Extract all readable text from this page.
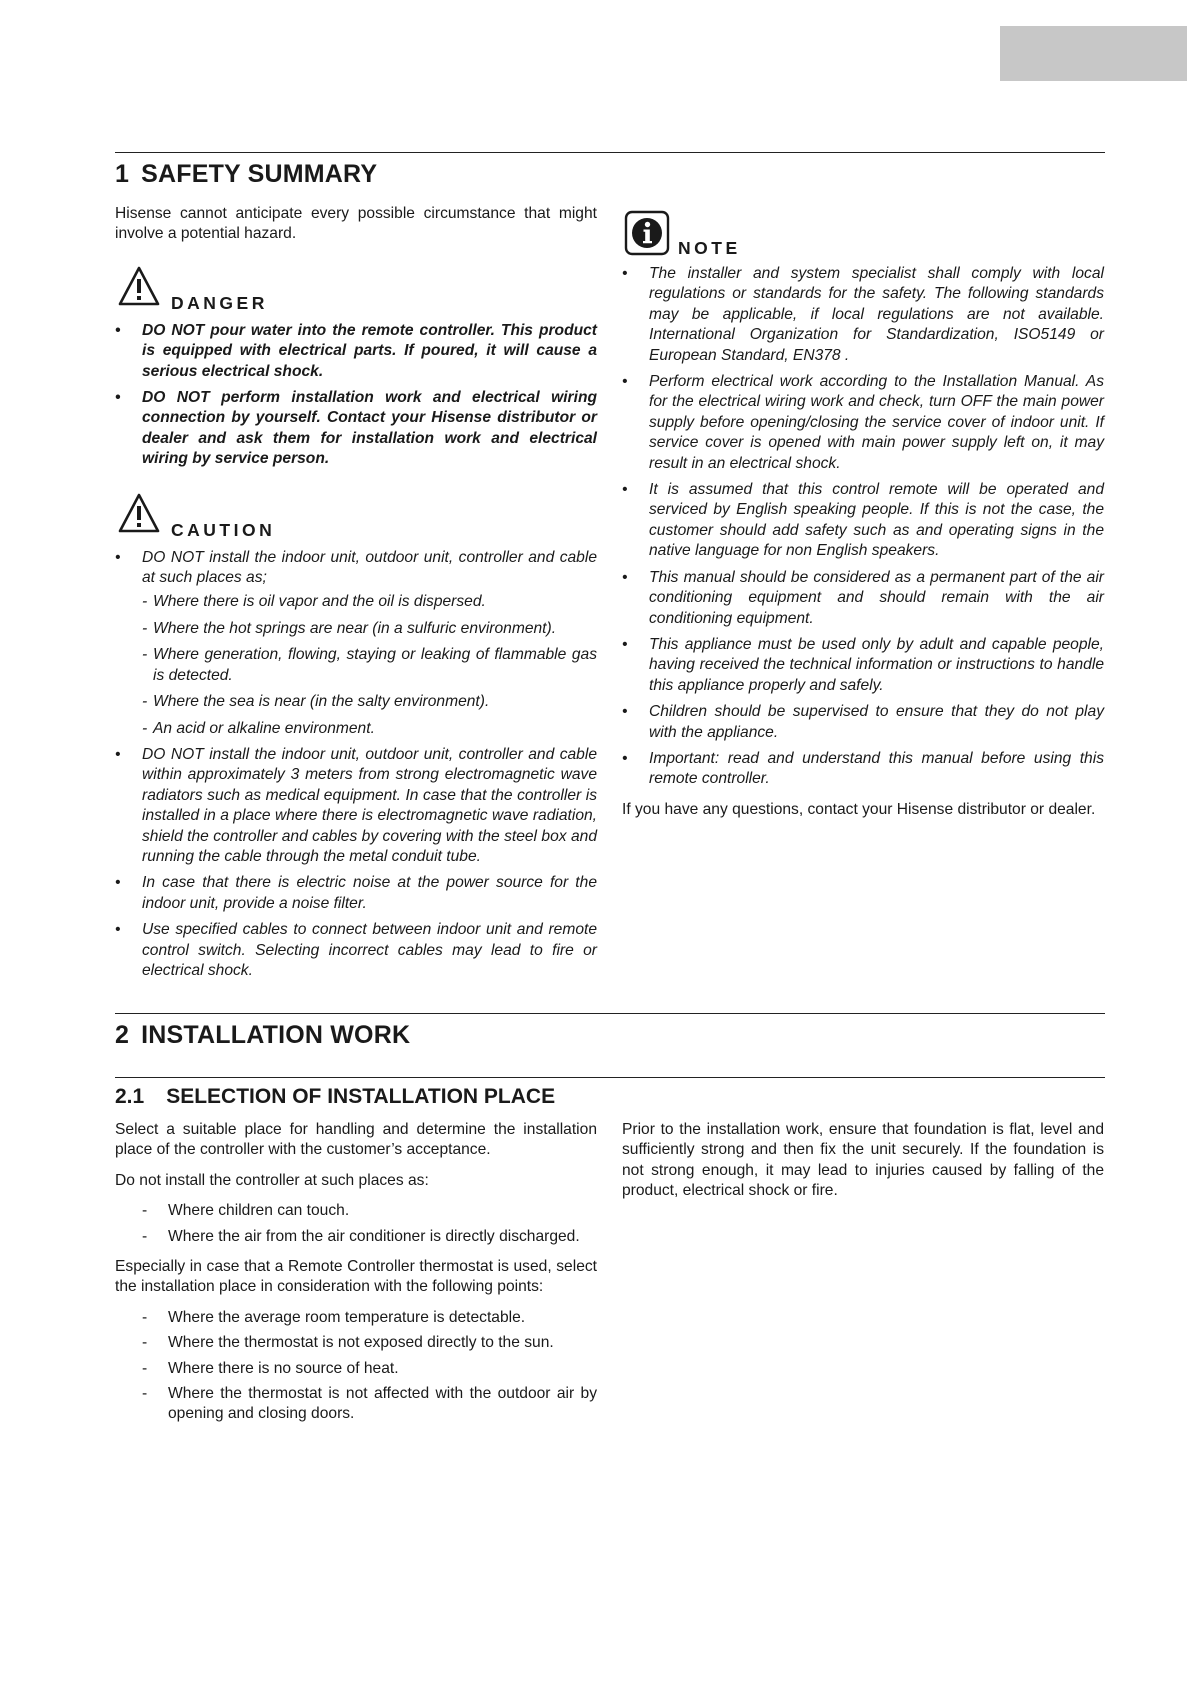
1 SAFETY SUMMARY

Hisense cannot anticipate every possible circumstance that might involve a potential hazard.

DANGER
• DO NOT pour water into the remote controller. This product is equipped with electrical parts. If poured, it will cause a serious electrical shock.
• DO NOT perform installation work and electrical wiring connection by yourself. Contact your Hisense distributor or dealer and ask them for installation work and electrical wiring by service person.
CAUTION
• DO NOT install the indoor unit, outdoor unit, controller and cable at such places as;
- Where there is oil vapor and the oil is dispersed.
- Where the hot springs are near (in a sulfuric environment).
- Where generation, flowing, staying or leaking of flammable gas is detected.
- Where the sea is near (in the salty environment).
- An acid or alkaline environment.
• DO NOT install the indoor unit, outdoor unit, controller and cable within approximately 3 meters from strong electromagnetic wave radiators such as medical equipment. In case that the controller is installed in a place where there is electromagnetic wave radiation, shield the controller and cables by covering with the steel box and running the cable through the metal conduit tube.
• In case that there is electric noise at the power source for the indoor unit, provide a noise filter.
• Use specified cables to connect between indoor unit and remote control switch. Selecting incorrect cables may lead to fire or electrical shock.
NOTE
• The installer and system specialist shall comply with local regulations or standards for the safety. The following standards may be applicable, if local regulations are not available. International Organization for Standardization, ISO5149 or European Standard, EN378 .
• Perform electrical work according to the Installation Manual. As for the electrical wiring work and check, turn OFF the main power supply before opening/closing the service cover of indoor unit. If service cover is opened with main power supply left on, it may result in an electrical shock.
• It is assumed that this control remote will be operated and serviced by English speaking people. If this is not the case, the customer should add safety such as and operating signs in the native language for non English speakers.
• This manual should be considered as a permanent part of the air conditioning equipment and should remain with the air conditioning equipment.
• This appliance must be used only by adult and capable people, having received the technical information or instructions to handle this appliance properly and safely.
• Children should be supervised to ensure that they do not play with the appliance.
• Important: read and understand this manual before using this remote controller.

If you have any questions, contact your Hisense distributor or dealer.

2 INSTALLATION WORK
2.1 SELECTION OF INSTALLATION PLACE

Select a suitable place for handling and determine the installation place of the controller with the customer’s acceptance.

Do not install the controller at such places as:

- Where children can touch.
- Where the air from the air conditioner is directly discharged.

Especially in case that a Remote Controller thermostat is used, select the installation place in consideration with the following points:

- Where the average room temperature is detectable.
- Where the thermostat is not exposed directly to the sun.
- Where there is no source of heat.
- Where the thermostat is not affected with the outdoor air by opening and closing doors.

Prior to the installation work, ensure that foundation is flat, level and sufficiently strong and then fix the unit securely. If the foundation is not strong enough, it may lead to injuries caused by falling of the product, electrical shock or fire.
